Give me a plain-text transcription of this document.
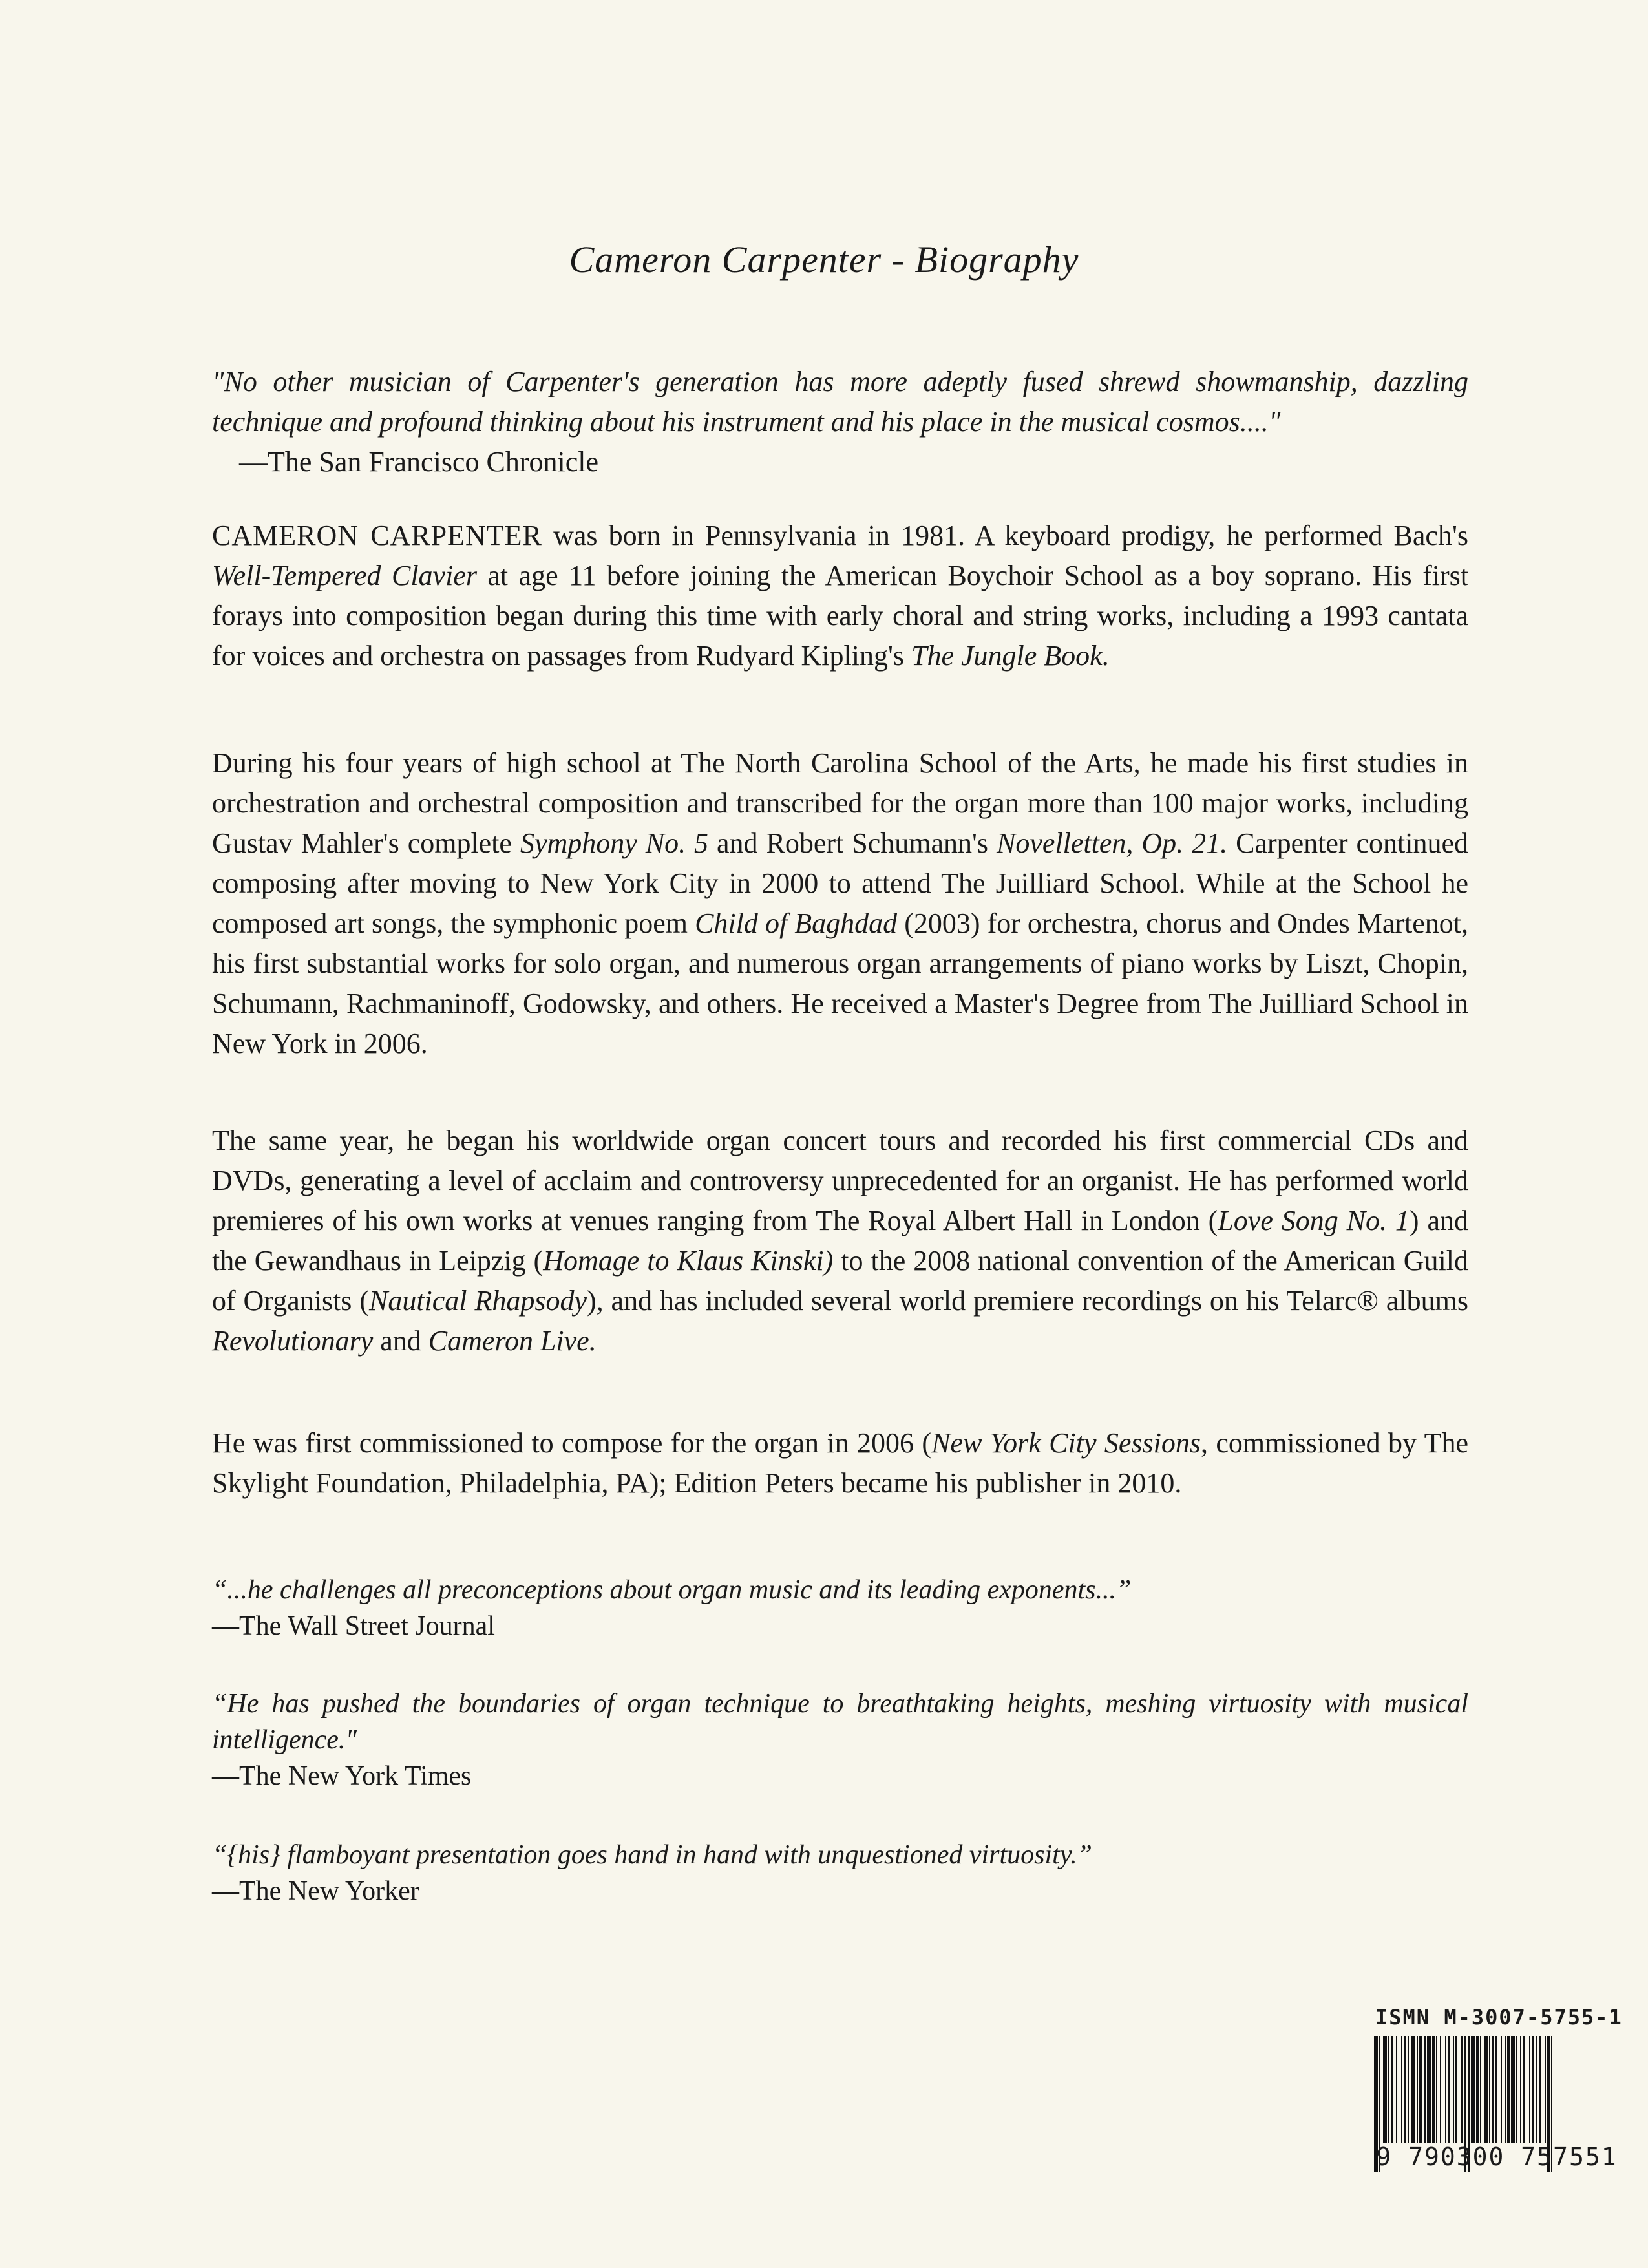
Cameron Carpenter - Biography
"No other musician of Carpenter's generation has more adeptly fused shrewd showmanship, dazzling technique and profound thinking about his instrument and his place in the musical cosmos...."
—The San Francisco Chronicle

CAMERON CARPENTER was born in Pennsylvania in 1981. A keyboard prodigy, he performed Bach's Well-Tempered Clavier at age 11 before joining the American Boychoir School as a boy soprano. His first forays into composition began during this time with early choral and string works, including a 1993 cantata for voices and orchestra on passages from Rudyard Kipling's The Jungle Book.

During his four years of high school at The North Carolina School of the Arts, he made his first studies in orchestration and orchestral composition and transcribed for the organ more than 100 major works, including Gustav Mahler's complete Symphony No. 5 and Robert Schumann's Novelletten, Op. 21. Carpenter continued composing after moving to New York City in 2000 to attend The Juilliard School. While at the School he composed art songs, the symphonic poem Child of Baghdad (2003) for orchestra, chorus and Ondes Martenot, his first substantial works for solo organ, and numerous organ arrangements of piano works by Liszt, Chopin, Schumann, Rachmaninoff, Godowsky, and others. He received a Master's Degree from The Juilliard School in New York in 2006.

The same year, he began his worldwide organ concert tours and recorded his first commercial CDs and DVDs, generating a level of acclaim and controversy unprecedented for an organist. He has performed world premieres of his own works at venues ranging from The Royal Albert Hall in London (Love Song No. 1) and the Gewandhaus in Leipzig (Homage to Klaus Kinski) to the 2008 national convention of the American Guild of Organists (Nautical Rhapsody), and has included several world premiere recordings on his Telarc® albums Revolutionary and Cameron Live.

He was first commissioned to compose for the organ in 2006 (New York City Sessions, commissioned by The Skylight Foundation, Philadelphia, PA); Edition Peters became his publisher in 2010.

“...he challenges all preconceptions about organ music and its leading exponents...”
—The Wall Street Journal
“He has pushed the boundaries of organ technique to breathtaking heights, meshing virtuosity with musical intelligence."
—The New York Times
“{his} flamboyant presentation goes hand in hand with unquestioned virtuosity.”
—The New Yorker
ISMN M-3007-5755-1
9 790300 757551
